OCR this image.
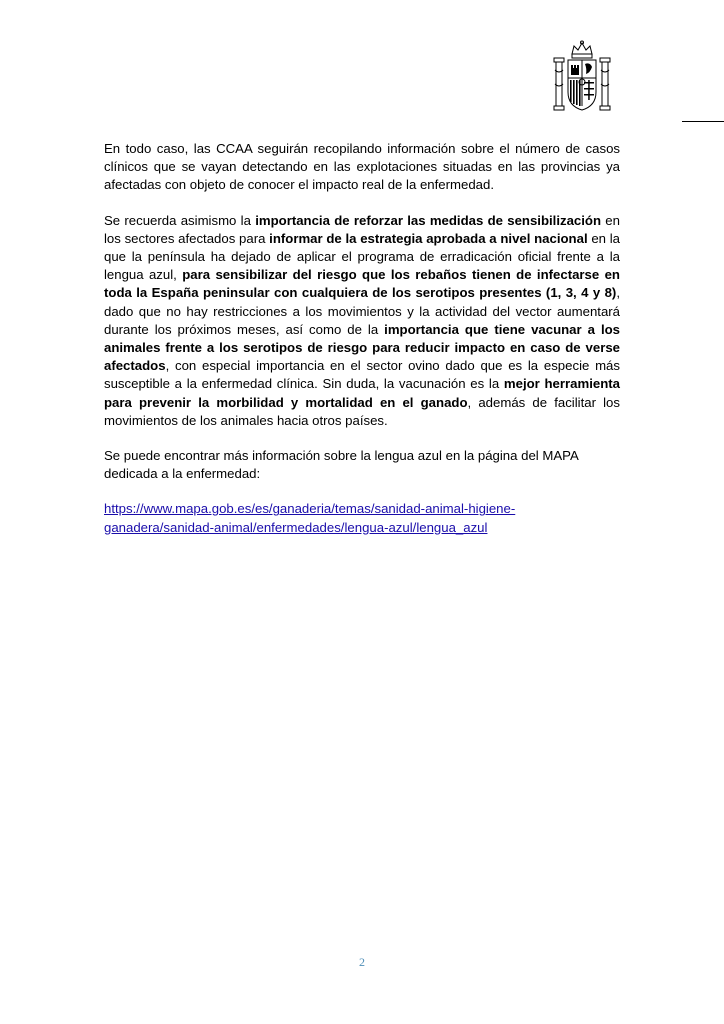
En todo caso, las CCAA seguirán recopilando información sobre el número de casos clínicos que se vayan detectando en las explotaciones situadas en las provincias ya afectadas con objeto de conocer el impacto real de la enfermedad.

Se recuerda asimismo la importancia de reforzar las medidas de sensibilización en los sectores afectados para informar de la estrategia aprobada a nivel nacional en la que la península ha dejado de aplicar el programa de erradicación oficial frente a la lengua azul, para sensibilizar del riesgo que los rebaños tienen de infectarse en toda la España peninsular con cualquiera de los serotipos presentes (1, 3, 4 y 8), dado que no hay restricciones a los movimientos y la actividad del vector aumentará durante los próximos meses, así como de la importancia que tiene vacunar a los animales frente a los serotipos de riesgo para reducir impacto en caso de verse afectados, con especial importancia en el sector ovino dado que es la especie más susceptible a la enfermedad clínica. Sin duda, la vacunación es la mejor herramienta para prevenir la morbilidad y mortalidad en el ganado, además de facilitar los movimientos de los animales hacia otros países.

Se puede encontrar más información sobre la lengua azul en la página del MAPA dedicada a la enfermedad:

https://www.mapa.gob.es/es/ganaderia/temas/sanidad-animal-higiene-
ganadera/sanidad-animal/enfermedades/lengua-azul/lengua_azul
2
